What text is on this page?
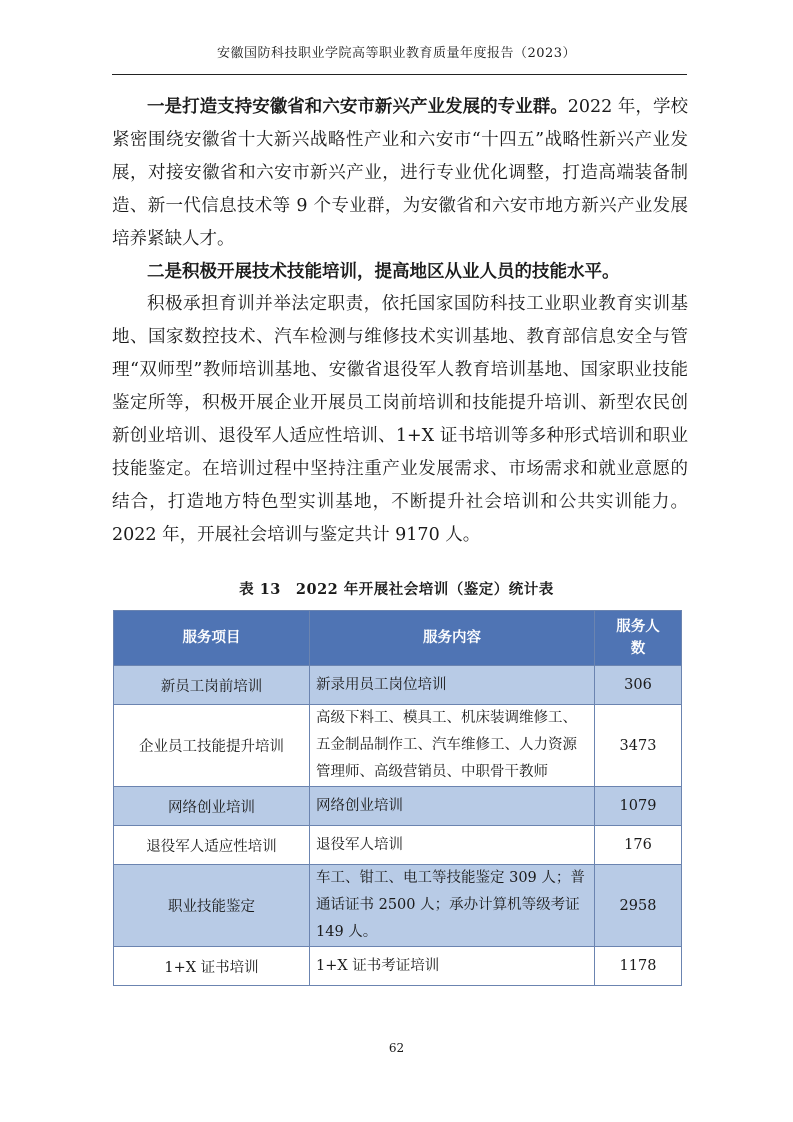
安徽国防科技职业学院高等职业教育质量年度报告（2023）

一是打造支持安徽省和六安市新兴产业发展的专业群。2022 年，学校紧密围绕安徽省十大新兴战略性产业和六安市“十四五”战略性新兴产业发展，对接安徽省和六安市新兴产业，进行专业优化调整，打造高端装备制造、新一代信息技术等 9 个专业群，为安徽省和六安市地方新兴产业发展培养紧缺人才。

二是积极开展技术技能培训，提高地区从业人员的技能水平。

积极承担育训并举法定职责，依托国家国防科技工业职业教育实训基地、国家数控技术、汽车检测与维修技术实训基地、教育部信息安全与管理“双师型”教师培训基地、安徽省退役军人教育培训基地、国家职业技能鉴定所等，积极开展企业开展员工岗前培训和技能提升培训、新型农民创新创业培训、退役军人适应性培训、1+X 证书培训等多种形式培训和职业技能鉴定。在培训过程中坚持注重产业发展需求、市场需求和就业意愿的结合，打造地方特色型实训基地，不断提升社会培训和公共实训能力。2022 年，开展社会培训与鉴定共计 9170 人。

表 13　2022 年开展社会培训（鉴定）统计表
服务项目	服务内容	服务人数
新员工岗前培训	新录用员工岗位培训	306
企业员工技能提升培训	高级下料工、模具工、机床装调维修工、五金制品制作工、汽车维修工、人力资源管理师、高级营销员、中职骨干教师	3473
网络创业培训	网络创业培训	1079
退役军人适应性培训	退役军人培训	176
职业技能鉴定	车工、钳工、电工等技能鉴定 309 人；普通话证书 2500 人；承办计算机等级考证 149 人。	2958
1+X 证书培训	1+X 证书考证培训	1178
62
